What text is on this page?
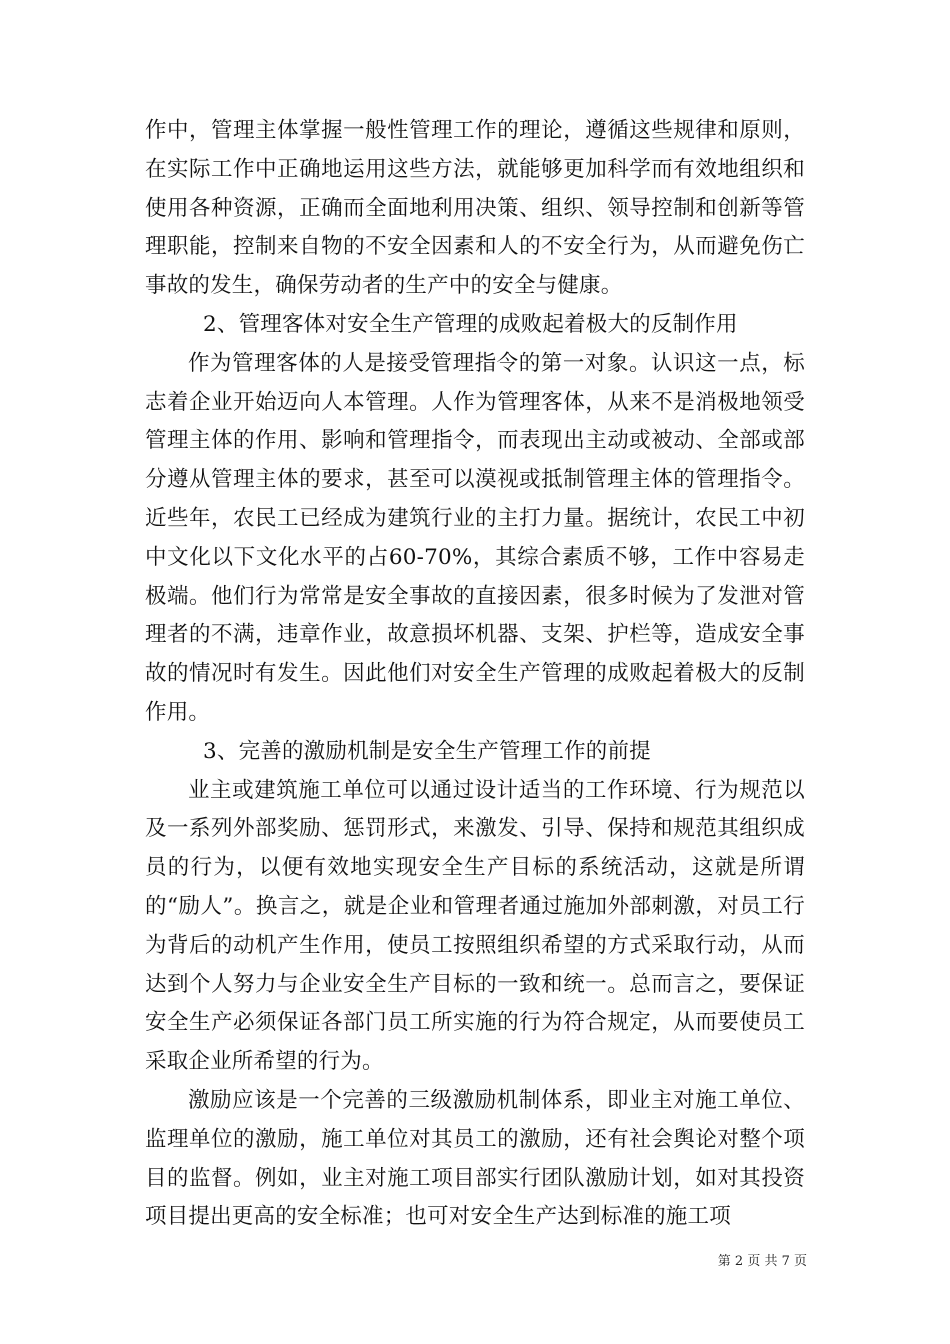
作中，管理主体掌握一般性管理工作的理论，遵循这些规律和原则，在实际工作中正确地运用这些方法，就能够更加科学而有效地组织和使用各种资源，正确而全面地利用决策、组织、领导控制和创新等管理职能，控制来自物的不安全因素和人的不安全行为，从而避免伤亡事故的发生，确保劳动者的生产中的安全与健康。

2、管理客体对安全生产管理的成败起着极大的反制作用

作为管理客体的人是接受管理指令的第一对象。认识这一点，标志着企业开始迈向人本管理。人作为管理客体，从来不是消极地领受管理主体的作用、影响和管理指令，而表现出主动或被动、全部或部分遵从管理主体的要求，甚至可以漠视或抵制管理主体的管理指令。近些年，农民工已经成为建筑行业的主打力量。据统计，农民工中初中文化以下文化水平的占60-70%，其综合素质不够，工作中容易走极端。他们行为常常是安全事故的直接因素，很多时候为了发泄对管理者的不满，违章作业，故意损坏机器、支架、护栏等，造成安全事故的情况时有发生。因此他们对安全生产管理的成败起着极大的反制作用。

3、完善的激励机制是安全生产管理工作的前提

业主或建筑施工单位可以通过设计适当的工作环境、行为规范以及一系列外部奖励、惩罚形式，来激发、引导、保持和规范其组织成员的行为，以便有效地实现安全生产目标的系统活动，这就是所谓的“励人”。换言之，就是企业和管理者通过施加外部刺激，对员工行为背后的动机产生作用，使员工按照组织希望的方式采取行动，从而达到个人努力与企业安全生产目标的一致和统一。总而言之，要保证安全生产必须保证各部门员工所实施的行为符合规定，从而要使员工采取企业所希望的行为。

激励应该是一个完善的三级激励机制体系，即业主对施工单位、监理单位的激励，施工单位对其员工的激励，还有社会舆论对整个项目的监督。例如，业主对施工项目部实行团队激励计划，如对其投资项目提出更高的安全标准；也可对安全生产达到标准的施工项

第 2 页 共 7 页
